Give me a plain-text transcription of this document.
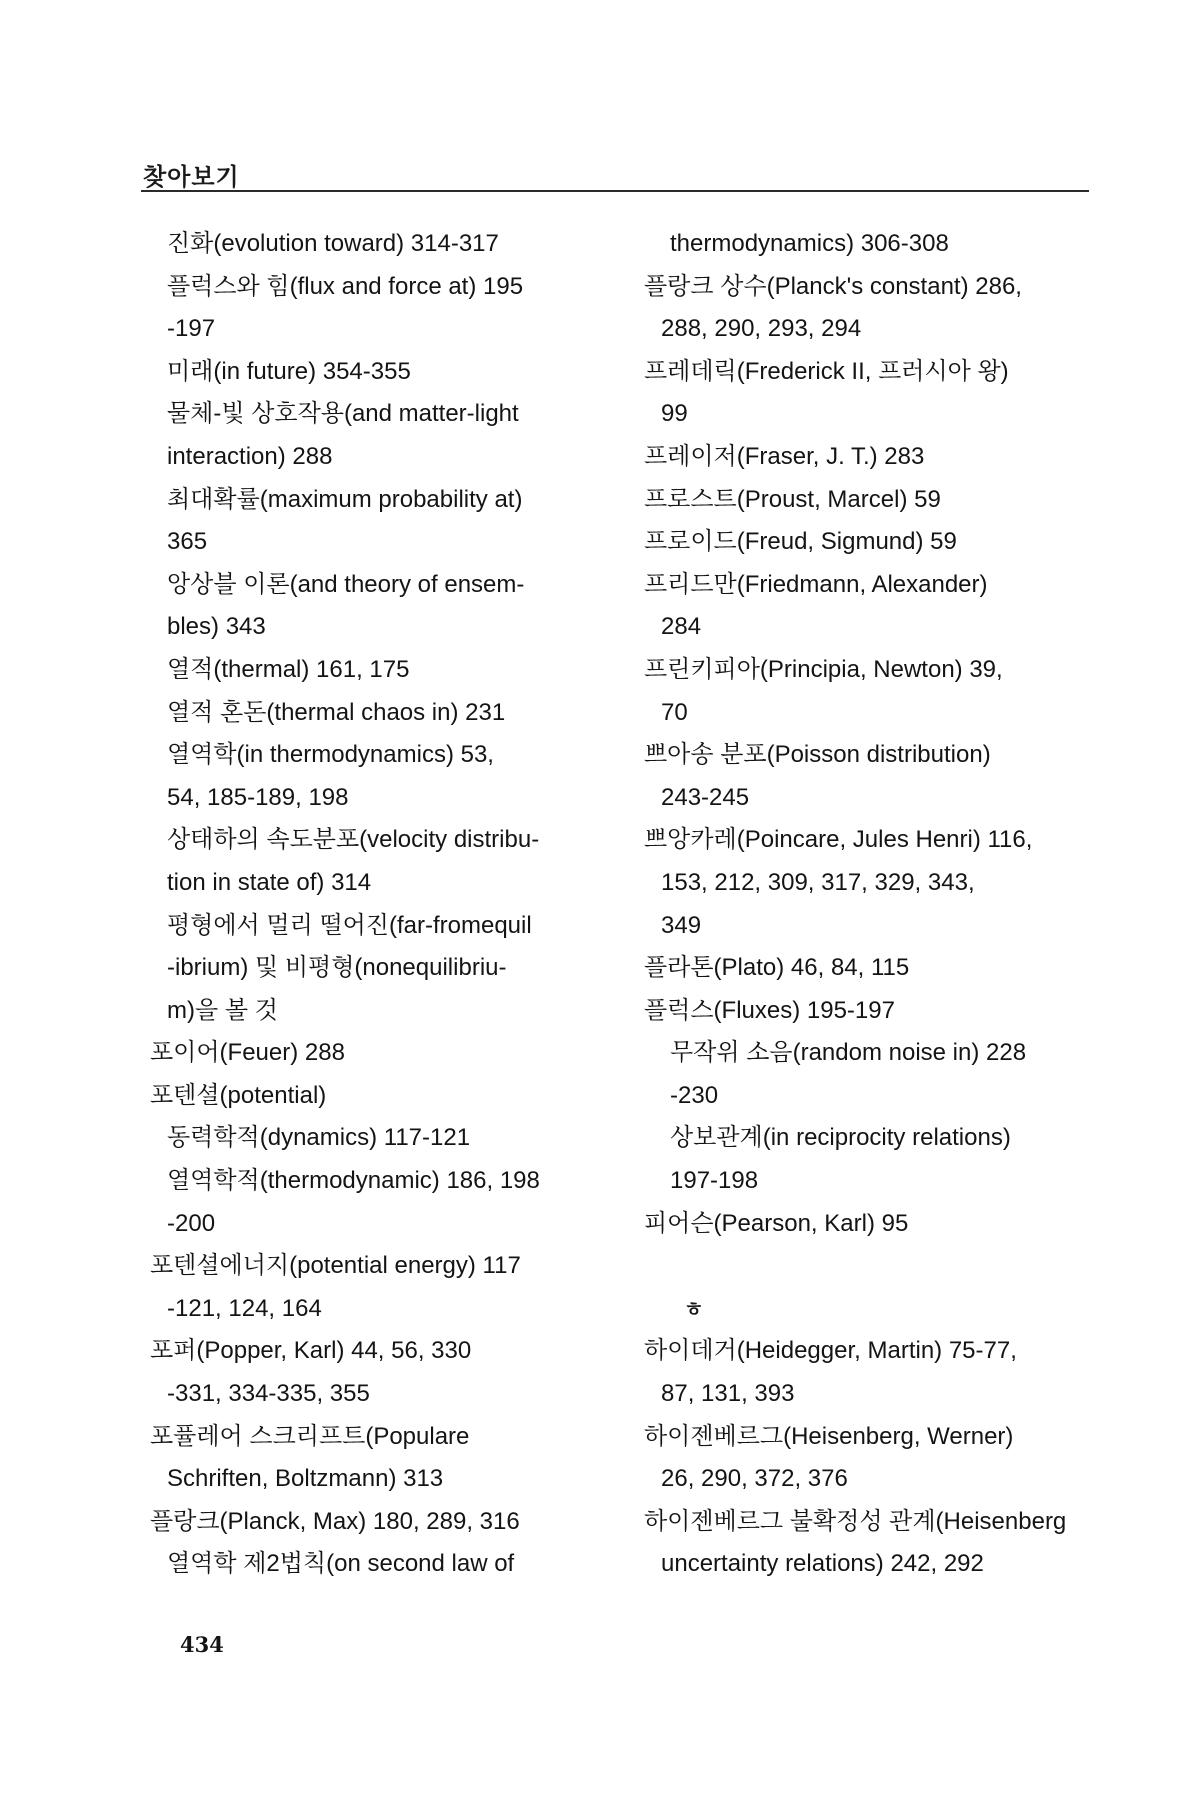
찾아보기
진화(evolution toward) 314-317
플럭스와 힘(flux and force at) 195
-197
미래(in future) 354-355
물체-빛 상호작용(and matter-light
interaction) 288
최대확률(maximum probability at)
365
앙상블 이론(and theory of ensem-
bles) 343
열적(thermal) 161, 175
열적 혼돈(thermal chaos in) 231
열역학(in thermodynamics) 53,
54, 185-189, 198
상태하의 속도분포(velocity distribu-
tion in state of) 314
평형에서 멀리 떨어진(far-fromequil
-ibrium) 및 비평형(nonequilibriu-
m)을 볼 것
포이어(Feuer) 288
포텐셜(potential)
동력학적(dynamics) 117-121
열역학적(thermodynamic) 186, 198
-200
포텐셜에너지(potential energy) 117
-121, 124, 164
포퍼(Popper, Karl) 44, 56, 330
-331, 334-335, 355
포퓰레어 스크리프트(Populare
Schriften, Boltzmann) 313
플랑크(Planck, Max) 180, 289, 316
열역학 제2법칙(on second law of
thermodynamics) 306-308
플랑크 상수(Planck's constant) 286,
288, 290, 293, 294
프레데릭(Frederick II, 프러시아 왕)
99
프레이저(Fraser, J. T.) 283
프로스트(Proust, Marcel) 59
프로이드(Freud, Sigmund) 59
프리드만(Friedmann, Alexander)
284
프린키피아(Principia, Newton) 39,
70
쁘아송 분포(Poisson distribution)
243-245
쁘앙카레(Poincare, Jules Henri) 116,
153, 212, 309, 317, 329, 343,
349
플라톤(Plato) 46, 84, 115
플럭스(Fluxes) 195-197
무작위 소음(random noise in) 228
-230
상보관계(in reciprocity relations)
197-198
피어슨(Pearson, Karl) 95
ㅎ
하이데거(Heidegger, Martin) 75-77,
87, 131, 393
하이젠베르그(Heisenberg, Werner)
26, 290, 372, 376
하이젠베르그 불확정성 관계(Heisenberg
uncertainty relations) 242, 292
434
